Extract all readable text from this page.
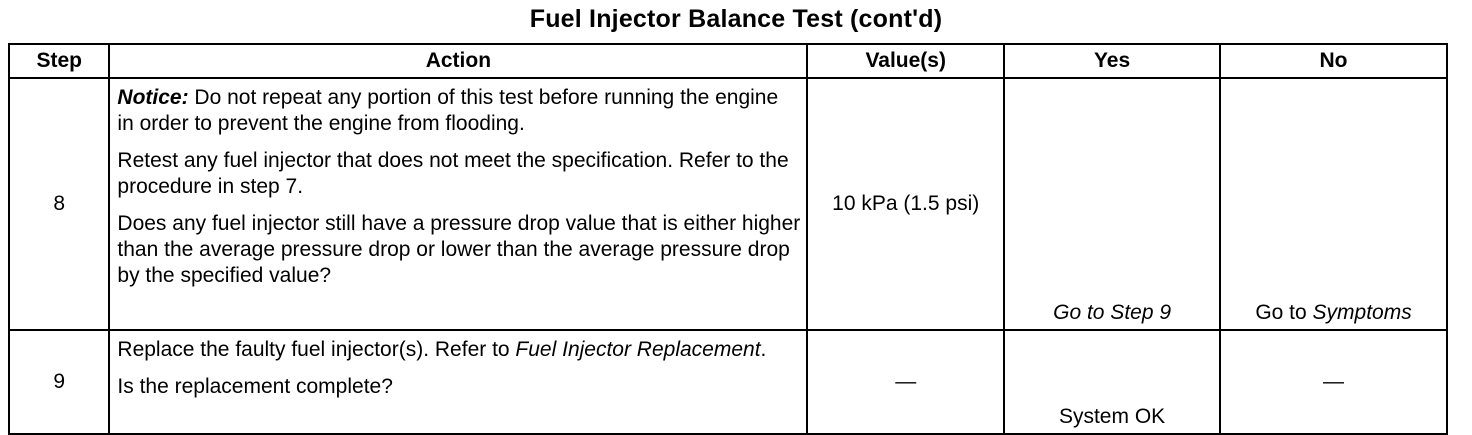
Fuel Injector Balance Test (cont'd)
Step	Action	Value(s)	Yes	No
8	Notice: Do not repeat any portion of this test before running the engine in order to prevent the engine from flooding.

Retest any fuel injector that does not meet the specification. Refer to the procedure in step 7.

Does any fuel injector still have a pressure drop value that is either higher than the average pressure drop or lower than the average pressure drop by the specified value?	10 kPa (1.5 psi)	Go to Step 9	Go to Symptoms
9	Replace the faulty fuel injector(s). Refer to Fuel Injector Replacement.

Is the replacement complete?	—	System OK	—
